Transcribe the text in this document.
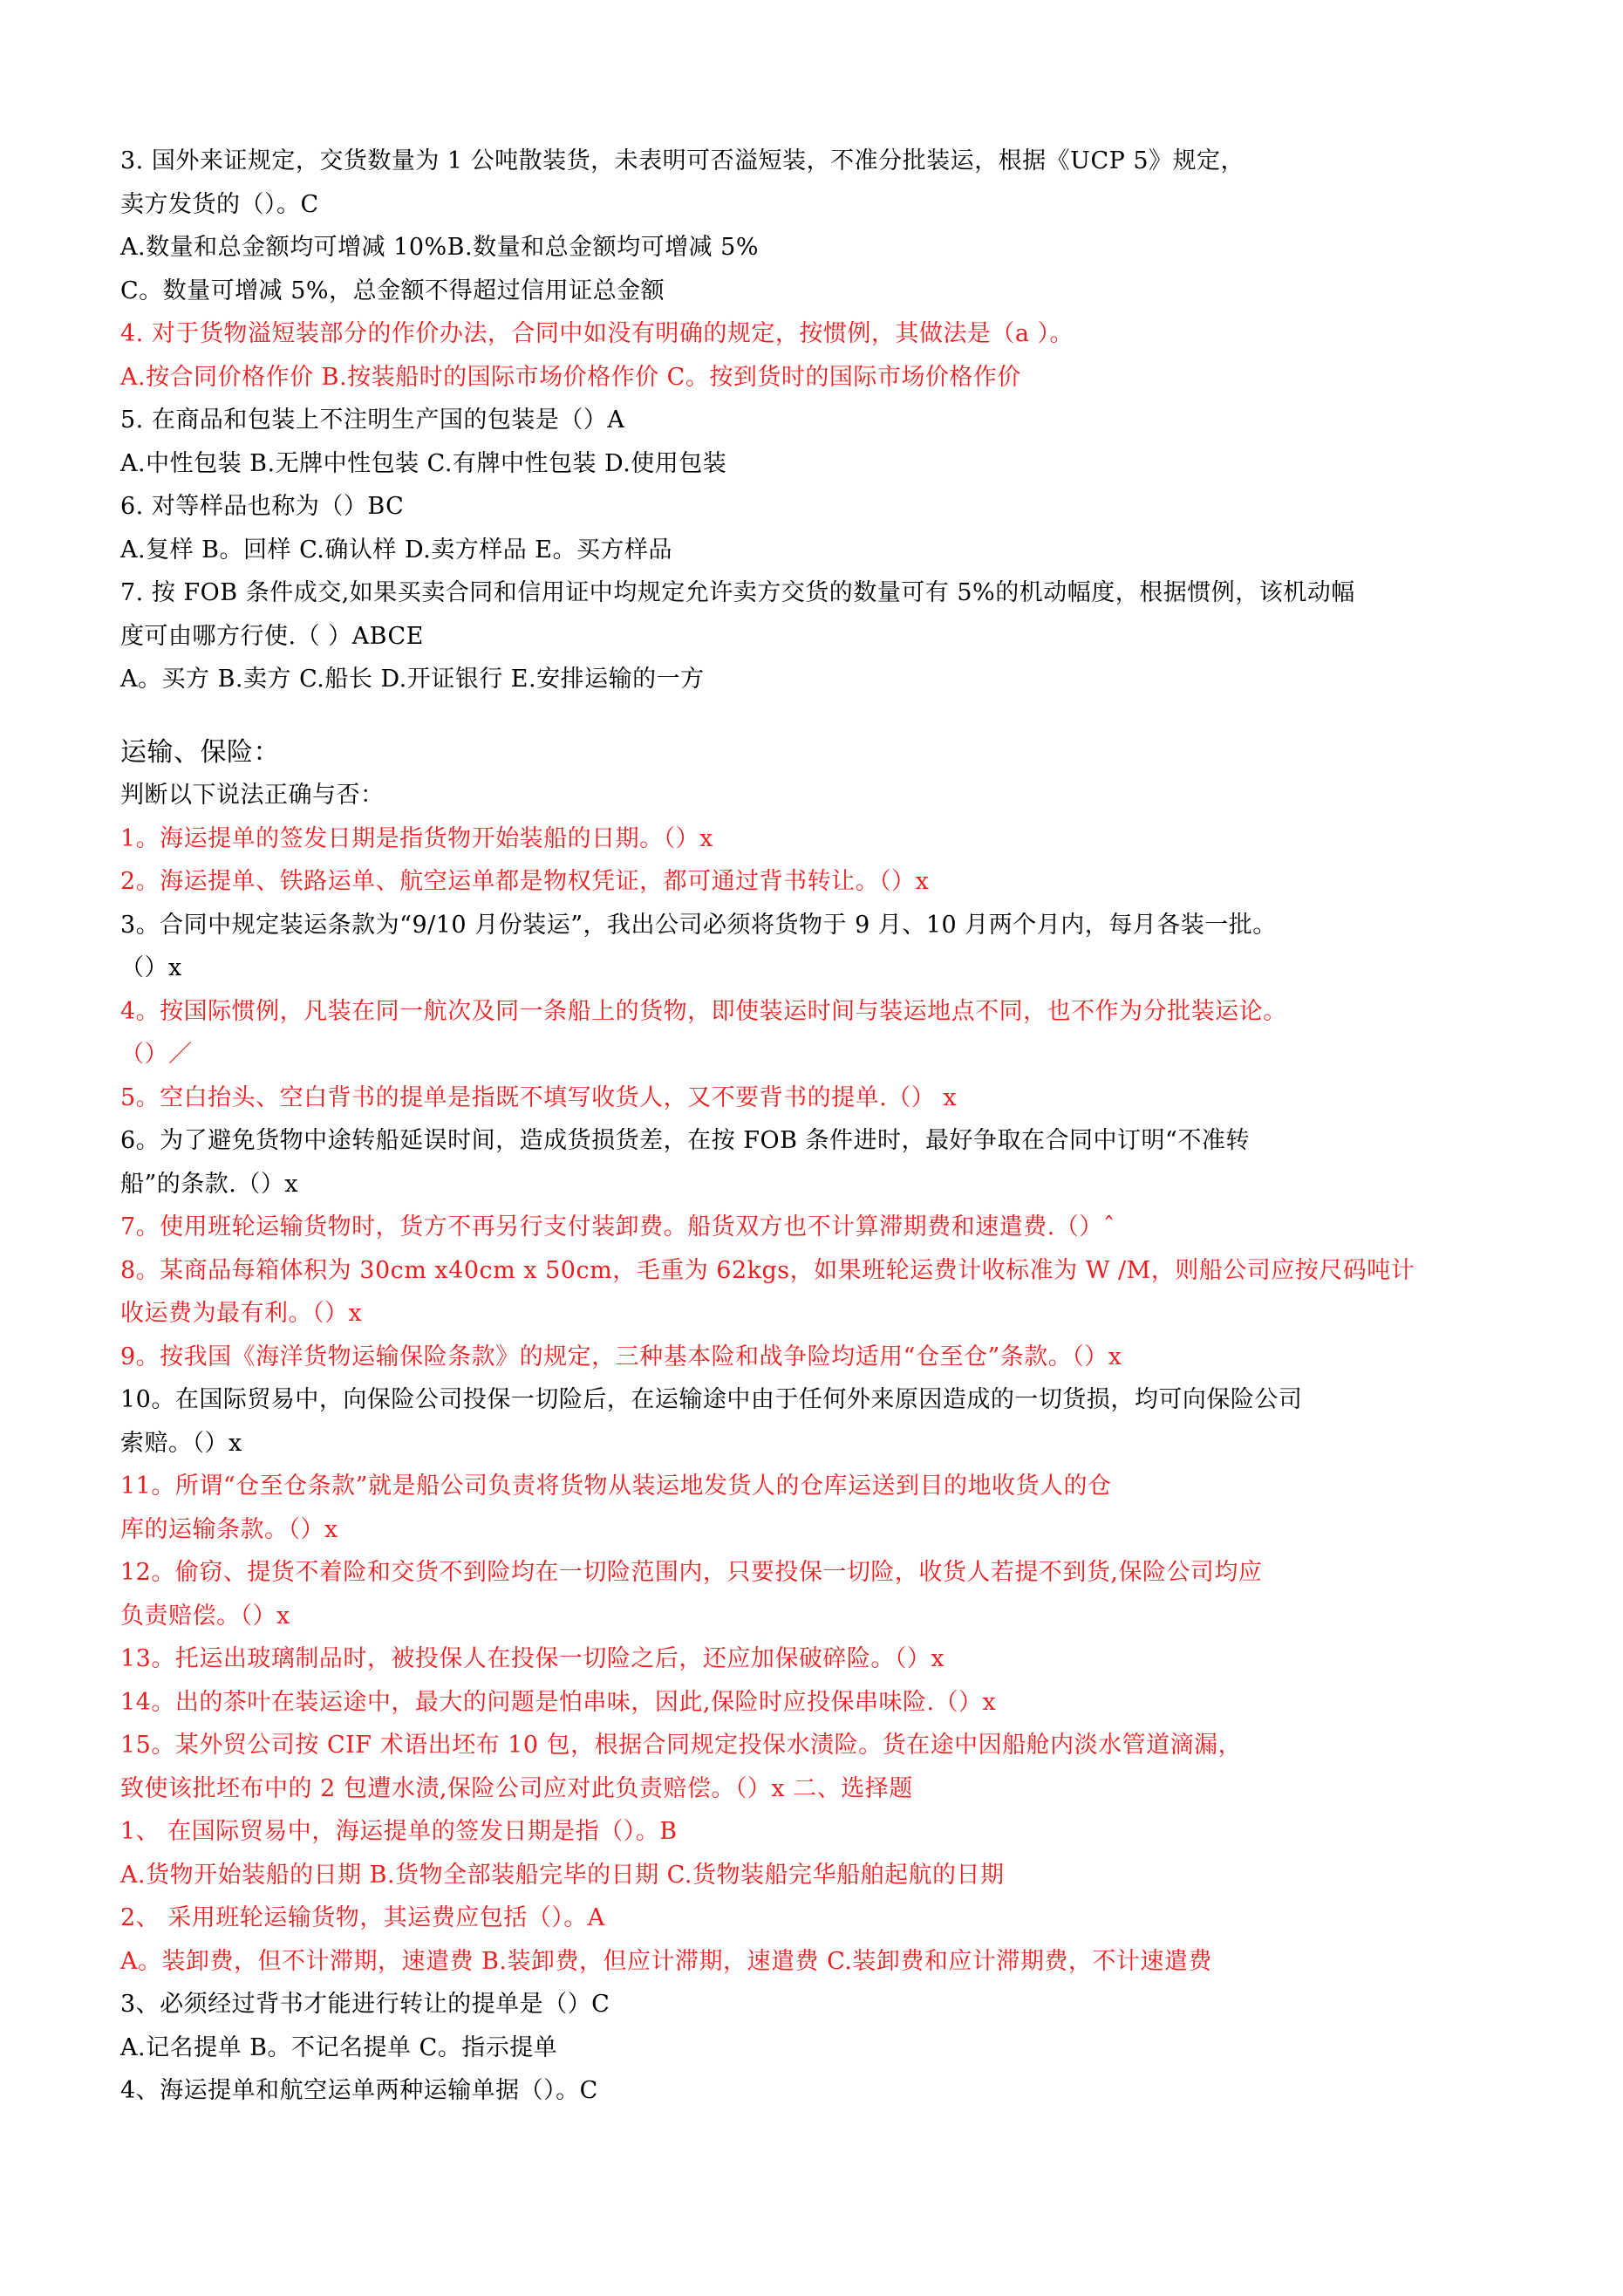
3. 国外来证规定，交货数量为 1 公吨散装货，未表明可否溢短装，不准分批装运，根据《UCP 5》规定，
卖方发货的（）。C
A.数量和总金额均可增减 10%B.数量和总金额均可增减 5%
C。数量可增减 5%，总金额不得超过信用证总金额
4. 对于货物溢短装部分的作价办法，合同中如没有明确的规定，按惯例，其做法是（a ）。
A.按合同价格作价 B.按装船时的国际市场价格作价 C。按到货时的国际市场价格作价
5. 在商品和包装上不注明生产国的包装是（）A
A.中性包装 B.无牌中性包装 C.有牌中性包装 D.使用包装
6. 对等样品也称为（）BC
A.复样 B。回样 C.确认样 D.卖方样品 E。买方样品
7. 按 FOB 条件成交,如果买卖合同和信用证中均规定允许卖方交货的数量可有 5%的机动幅度，根据惯例，该机动幅
度可由哪方行使.（ ）ABCE
A。买方 B.卖方 C.船长 D.开证银行 E.安排运输的一方
运输、保险：
判断以下说法正确与否：
1。海运提单的签发日期是指货物开始装船的日期。（）x
2。海运提单、铁路运单、航空运单都是物权凭证，都可通过背书转让。（）x
3。合同中规定装运条款为“9/10 月份装运”，我出公司必须将货物于 9 月、10 月两个月内，每月各装一批。
（）x
4。按国际惯例，凡装在同一航次及同一条船上的货物，即使装运时间与装运地点不同，也不作为分批装运论。
（）／
5。空白抬头、空白背书的提单是指既不填写收货人，又不要背书的提单.（） x
6。为了避免货物中途转船延误时间，造成货损货差，在按 FOB 条件进时，最好争取在合同中订明“不准转
船”的条款.（）x
7。使用班轮运输货物时，货方不再另行支付装卸费。船货双方也不计算滞期费和速遣费.（）ˆ
8。某商品每箱体积为 30cm x40cm x 50cm，毛重为 62kgs，如果班轮运费计收标准为 W /M，则船公司应按尺码吨计
收运费为最有利。（）x
9。按我国《海洋货物运输保险条款》的规定，三种基本险和战争险均适用“仓至仓”条款。（）x
10。在国际贸易中，向保险公司投保一切险后，在运输途中由于任何外来原因造成的一切货损，均可向保险公司
索赔。（）x
11。所谓“仓至仓条款”就是船公司负责将货物从装运地发货人的仓库运送到目的地收货人的仓
库的运输条款。（）x
12。偷窃、提货不着险和交货不到险均在一切险范围内，只要投保一切险，收货人若提不到货,保险公司均应
负责赔偿。（）x
13。托运出玻璃制品时，被投保人在投保一切险之后，还应加保破碎险。（）x
14。出的茶叶在装运途中，最大的问题是怕串味，因此,保险时应投保串味险.（）x
15。某外贸公司按 CIF 术语出坯布 10 包，根据合同规定投保水渍险。货在途中因船舱内淡水管道滴漏，
致使该批坯布中的 2 包遭水渍,保险公司应对此负责赔偿。（）x 二、选择题
1、 在国际贸易中，海运提单的签发日期是指（）。B
A.货物开始装船的日期 B.货物全部装船完毕的日期 C.货物装船完华船舶起航的日期
2、 采用班轮运输货物，其运费应包括（）。A
A。装卸费，但不计滞期，速遣费 B.装卸费，但应计滞期，速遣费 C.装卸费和应计滞期费，不计速遣费
3、必须经过背书才能进行转让的提单是（）C
A.记名提单 B。不记名提单 C。指示提单
4、海运提单和航空运单两种运输单据（）。C
